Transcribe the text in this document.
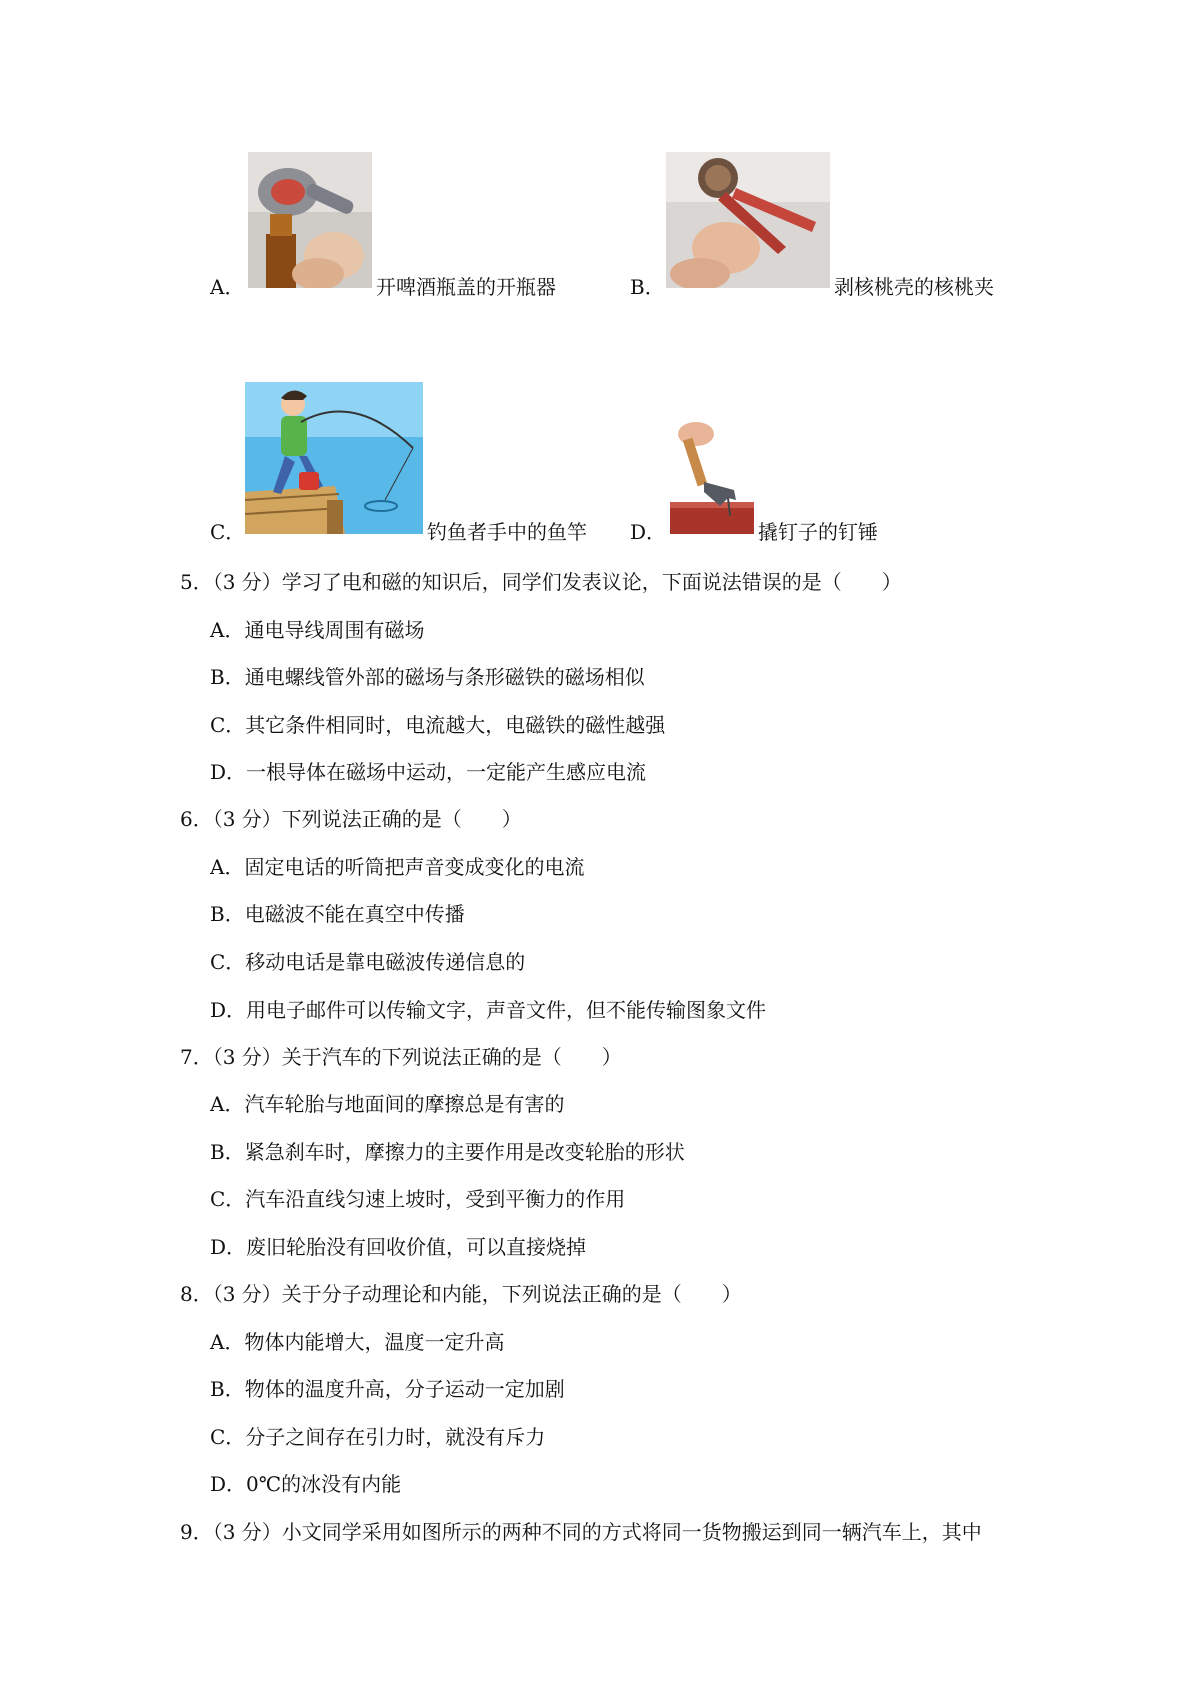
A．	开啤酒瓶盖的开瓶器	B．	剥核桃壳的核桃夹
C．	钓鱼者手中的鱼竿 D．	撬钉子的钉锤
5．（3 分）学习了电和磁的知识后，同学们发表议论，下面说法错误的是（　　）
A．通电导线周围有磁场
B．通电螺线管外部的磁场与条形磁铁的磁场相似
C．其它条件相同时，电流越大，电磁铁的磁性越强
D．一根导体在磁场中运动，一定能产生感应电流
6．（3 分）下列说法正确的是（　　）
A．固定电话的听筒把声音变成变化的电流
B．电磁波不能在真空中传播
C．移动电话是靠电磁波传递信息的
D．用电子邮件可以传输文字，声音文件，但不能传输图象文件
7．（3 分）关于汽车的下列说法正确的是（　　）
A．汽车轮胎与地面间的摩擦总是有害的
B．紧急刹车时，摩擦力的主要作用是改变轮胎的形状
C．汽车沿直线匀速上坡时，受到平衡力的作用
D．废旧轮胎没有回收价值，可以直接烧掉
8．（3 分）关于分子动理论和内能，下列说法正确的是（　　）
A．物体内能增大，温度一定升高
B．物体的温度升高，分子运动一定加剧
C．分子之间存在引力时，就没有斥力
D．0℃的冰没有内能
9．（3 分）小文同学采用如图所示的两种不同的方式将同一货物搬运到同一辆汽车上，其中
